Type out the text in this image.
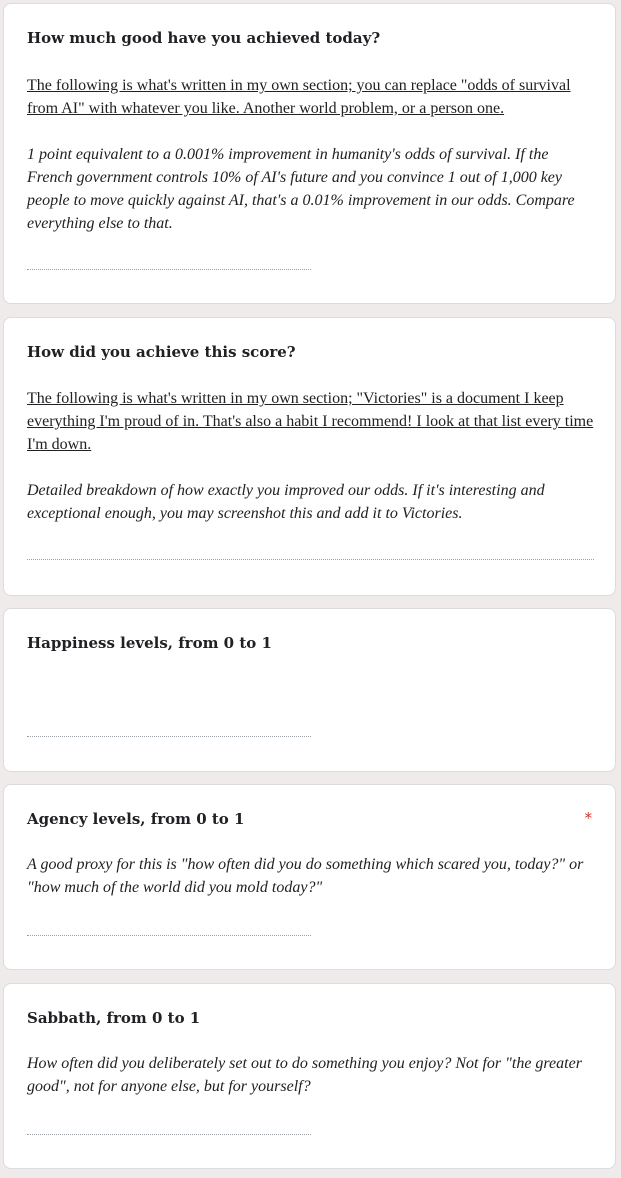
How much good have you achieved today?
The following is what's written in my own section; you can replace "odds of survival from AI" with whatever you like. Another world problem, or a person one.
1 point equivalent to a 0.001% improvement in humanity's odds of survival. If the French government controls 10% of AI's future and you convince 1 out of 1,000 key people to move quickly against AI, that's a 0.01% improvement in our odds. Compare everything else to that.
How did you achieve this score?
The following is what's written in my own section; "Victories" is a document I keep everything I'm proud of in. That's also a habit I recommend! I look at that list every time I'm down.
Detailed breakdown of how exactly you improved our odds. If it's interesting and exceptional enough, you may screenshot this and add it to Victories.
Happiness levels, from 0 to 1
Agency levels, from 0 to 1	*
A good proxy for this is "how often did you do something which scared you, today?" or "how much of the world did you mold today?"
Sabbath, from 0 to 1
How often did you deliberately set out to do something you enjoy? Not for "the greater good", not for anyone else, but for yourself?
